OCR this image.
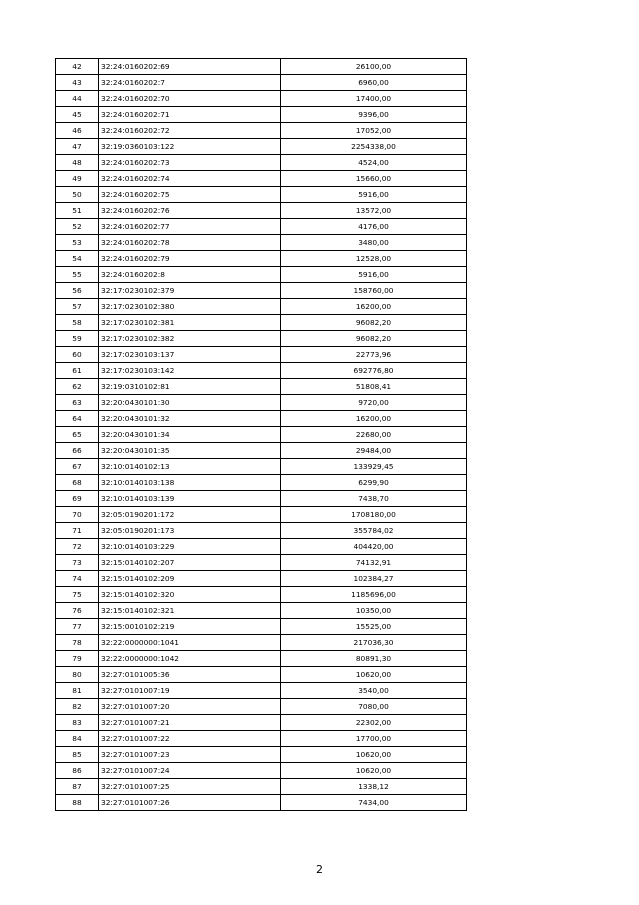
42	32:24:0160202:69	26100,00
43	32:24:0160202:7	6960,00
44	32:24:0160202:70	17400,00
45	32:24:0160202:71	9396,00
46	32:24:0160202:72	17052,00
47	32:19:0360103:122	2254338,00
48	32:24:0160202:73	4524,00
49	32:24:0160202:74	15660,00
50	32:24:0160202:75	5916,00
51	32:24:0160202:76	13572,00
52	32:24:0160202:77	4176,00
53	32:24:0160202:78	3480,00
54	32:24:0160202:79	12528,00
55	32:24:0160202:8	5916,00
56	32:17:0230102:379	158760,00
57	32:17:0230102:380	16200,00
58	32:17:0230102:381	96082,20
59	32:17:0230102:382	96082,20
60	32:17:0230103:137	22773,96
61	32:17:0230103:142	692776,80
62	32:19:0310102:81	51808,41
63	32:20:0430101:30	9720,00
64	32:20:0430101:32	16200,00
65	32:20:0430101:34	22680,00
66	32:20:0430101:35	29484,00
67	32:10:0140102:13	133929,45
68	32:10:0140103:138	6299,90
69	32:10:0140103:139	7438,70
70	32:05:0190201:172	1708180,00
71	32:05:0190201:173	355784,02
72	32:10:0140103:229	404420,00
73	32:15:0140102:207	74132,91
74	32:15:0140102:209	102384,27
75	32:15:0140102:320	1185696,00
76	32:15:0140102:321	10350,00
77	32:15:0010102:219	15525,00
78	32:22:0000000:1041	217036,30
79	32:22:0000000:1042	80891,30
80	32:27:0101005:36	10620,00
81	32:27:0101007:19	3540,00
82	32:27:0101007:20	7080,00
83	32:27:0101007:21	22302,00
84	32:27:0101007:22	17700,00
85	32:27:0101007:23	10620,00
86	32:27:0101007:24	10620,00
87	32:27:0101007:25	1338,12
88	32:27:0101007:26	7434,00
2
